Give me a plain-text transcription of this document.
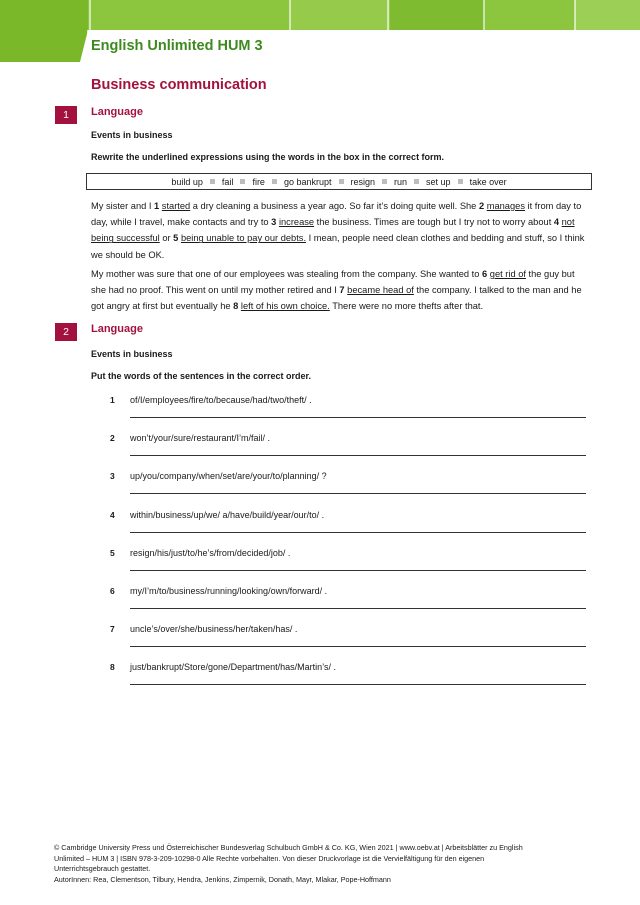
English Unlimited HUM 3
Business communication
1	Language
Events in business
Rewrite the underlined expressions using the words in the box in the correct form.
build up fail fire go bankrupt resign run set up take over
My sister and I 1 started a dry cleaning a business a year ago. So far it’s doing quite well. She 2 manages it from day to day, while I travel, make contacts and try to 3 increase the business. Times are tough but I try not to worry about 4 not being successful or 5 being unable to pay our debts. I mean, people need clean clothes and bedding and stuff, so I think we should be OK.
My mother was sure that one of our employees was stealing from the company. She wanted to 6 get rid of the guy but she had no proof. This went on until my mother retired and I 7 became head of the company. I talked to the man and he got angry at first but eventually he 8 left of his own choice. There were no more thefts after that.
2	Language
Events in business
Put the words of the sentences in the correct order.
1 of/I/employees/fire/to/because/had/two/theft/ .
2 won’t/your/sure/restaurant/I’m/fail/ .
3 up/you/company/when/set/are/your/to/planning/ ?
4 within/business/up/we/ a/have/build/year/our/to/ .
5 resign/his/just/to/he’s/from/decided/job/ .
6 my/I’m/to/business/running/looking/own/forward/ .
7 uncle’s/over/she/business/her/taken/has/ .
8 just/bankrupt/Store/gone/Department/has/Martin’s/ .
© Cambridge University Press und Österreichischer Bundesverlag Schulbuch GmbH & Co. KG, Wien 2021 | www.oebv.at | Arbeitsblätter zu English
Unlimited – HUM 3 | ISBN 978-3-209-10298-0 Alle Rechte vorbehalten. Von dieser Druckvorlage ist die Vervielfältigung für den eigenen
Unterrichtsgebrauch gestattet.
AutorInnen: Rea, Clementson, Tilbury, Hendra, Jenkins, Zimpernik, Donath, Mayr, Mlakar, Pope-Hoffmann
